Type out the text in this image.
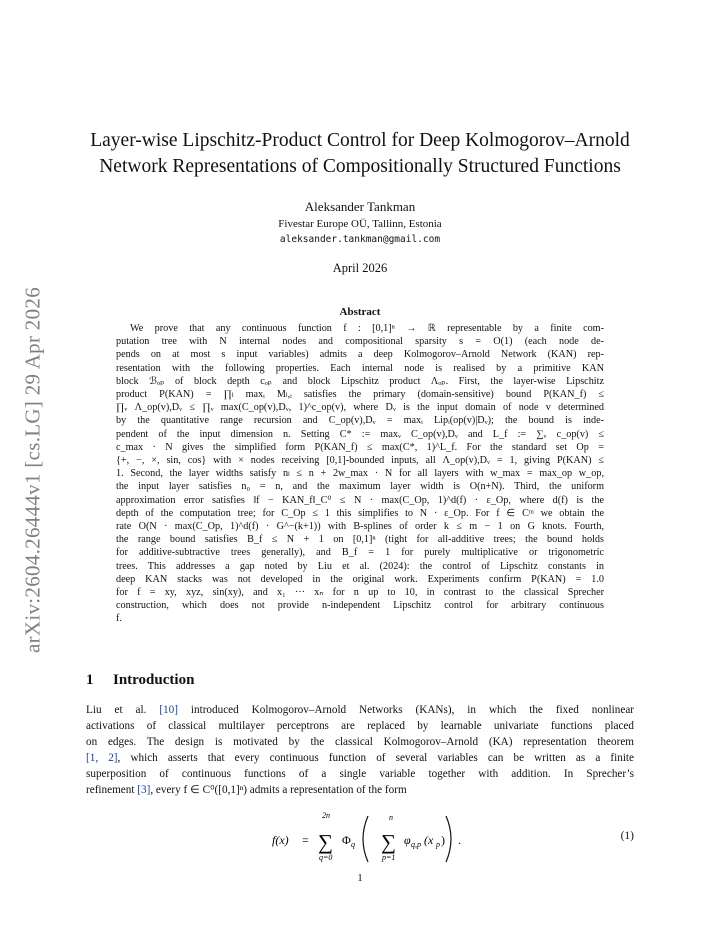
arXiv:2604.26444v1 [cs.LG] 29 Apr 2026
Layer-wise Lipschitz-Product Control for Deep Kolmogorov–Arnold
Network Representations of Compositionally Structured Functions
Aleksander Tankman
Fivestar Europe OÜ, Tallinn, Estonia
aleksander.tankman@gmail.com
April 2026
Abstract
We prove that any continuous function f : [0,1]ⁿ → ℝ representable by a finite com-
putation tree with N internal nodes and compositional sparsity s = O(1) (each node de-
pends on at most s input variables) admits a deep Kolmogorov–Arnold Network (KAN) rep-
resentation with the following properties. Each internal node is realised by a primitive KAN
block ℬₒₚ of block depth cₒₚ and block Lipschitz product Λₒₚ. First, the layer-wise Lipschitz
product P(KAN) = ∏ₗ maxᵢ Mₗ,ᵢ satisfies the primary (domain-sensitive) bound P(KAN_f) ≤
∏ᵥ Λ_op(v),Dᵥ ≤ ∏ᵥ max(C_op(v),Dᵥ, 1)^c_op(v), where Dᵥ is the input domain of node v determined
by the quantitative range recursion and C_op(v),Dᵥ = maxᵢ Lipᵢ(op(v)|Dᵥ); the bound is inde-
pendent of the input dimension n. Setting C* := maxᵥ C_op(v),Dᵥ and L_f := ∑ᵥ c_op(v) ≤
c_max · N gives the simplified form P(KAN_f) ≤ max(C*, 1)^L_f. For the standard set Op =
{+, −, ×, sin, cos} with × nodes receiving [0,1]-bounded inputs, all Λ_op(v),Dᵥ = 1, giving P(KAN) ≤
1. Second, the layer widths satisfy nₗ ≤ n + 2w_max · N for all layers with w_max = max_op w_op,
the input layer satisfies n₀ = n, and the maximum layer width is O(n+N). Third, the uniform
approximation error satisfies ‖f − KAN_f‖_C⁰ ≤ N · max(C_Op, 1)^d(f) · ε_Op, where d(f) is the
depth of the computation tree; for C_Op ≤ 1 this simplifies to N · ε_Op. For f ∈ Cᵐ we obtain the
rate O(N · max(C_Op, 1)^d(f) · G^−(k+1)) with B-splines of order k ≤ m − 1 on G knots. Fourth,
the range bound satisfies B_f ≤ N + 1 on [0,1]ⁿ (tight for all-additive trees; the bound holds
for additive-subtractive trees generally), and B_f = 1 for purely multiplicative or trigonometric
trees. This addresses a gap noted by Liu et al. (2024): the control of Lipschitz constants in
deep KAN stacks was not developed in the original work. Experiments confirm P(KAN) = 1.0
for f = xy, xyz, sin(xy), and x₁ ··· xₙ for n up to 10, in contrast to the classical Sprecher
construction, which does not provide n-independent Lipschitz control for arbitrary continuous
f.
1 Introduction
Liu et al. [10] introduced Kolmogorov–Arnold Networks (KANs), in which the fixed nonlinear
activations of classical multilayer perceptrons are replaced by learnable univariate functions placed
on edges. The design is motivated by the classical Kolmogorov–Arnold (KA) representation theorem
[1, 2], which asserts that every continuous function of several variables can be written as a finite
superposition of continuous functions of a single variable together with addition. In Sprecher’s
refinement [3], every f ∈ C⁰([0,1]ⁿ) admits a representation of the form
f(x) =
2n
∑
q=0
Φ q
n
∑
p=1
φ q,p (x p ) .	(1)
1
